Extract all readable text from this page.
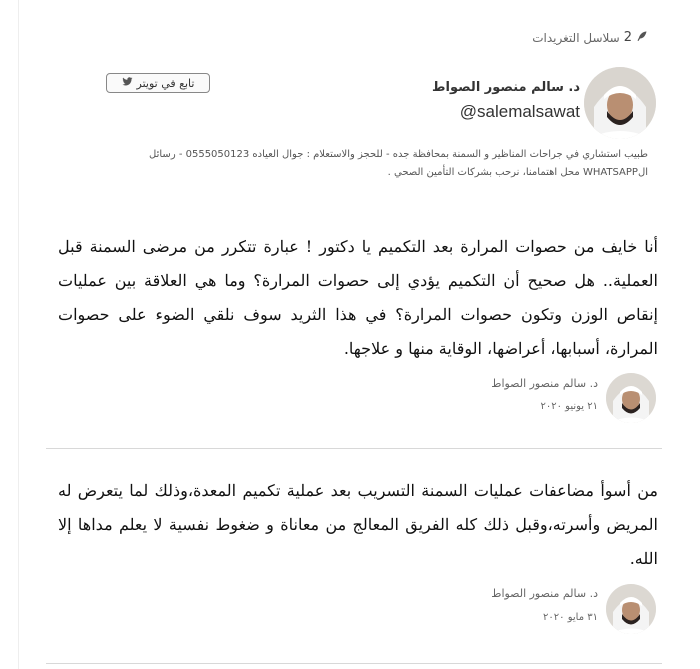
2
سلاسل التغريدات
د. سالم منصور الصواط
@salemalsawat
تابع في تويتر
طبيب استشاري في جراحات المناظير و السمنة بمحافظة جده - للحجز والاستعلام : جوال العياده 0555050123 - رسائل
الWHATSAPP محل اهتمامنا، نرحب بشركات التأمين الصحي .
أنا خايف من حصوات المرارة بعد التكميم يا دكتور ! عبارة تتكرر من مرضى السمنة قبل العملية.. هل صحيح أن التكميم يؤدي إلى حصوات المرارة؟ وما هي العلاقة بين عمليات إنقاص الوزن وتكون حصوات المرارة؟ في هذا الثريد سوف نلقي الضوء على حصوات المرارة، أسبابها، أعراضها، الوقاية منها و علاجها.
د. سالم منصور الصواط
٢١ يونيو ٢٠٢٠
من أسوأ مضاعفات عمليات السمنة التسريب بعد عملية تكميم المعدة،وذلك لما يتعرض له المريض وأسرته،وقبل ذلك كله الفريق المعالج من معاناة و ضغوط نفسية لا يعلم مداها إلا الله.
د. سالم منصور الصواط
٣١ مايو ٢٠٢٠
